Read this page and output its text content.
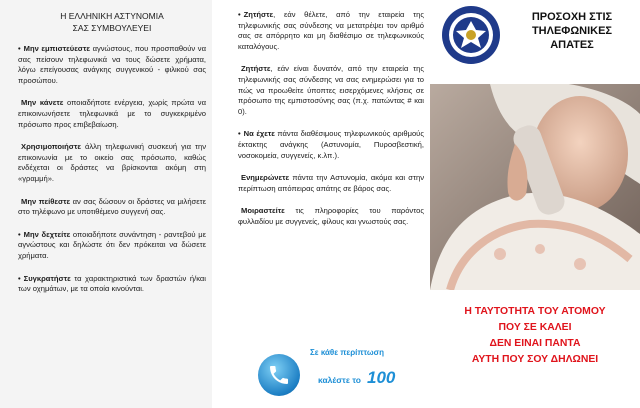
Η ΕΛΛΗΝΙΚΗ ΑΣΤΥΝΟΜΙΑ
ΣΑΣ ΣΥΜΒΟΥΛΕΥΕΙ

• Μην εμπιστεύεστε αγνώστους, που προσπαθούν να σας πείσουν τηλεφωνικά να τους δώσετε χρήματα, λόγω επείγουσας ανάγκης συγγενικού - φιλικού σας προσώπου.

Μην κάνετε οποιαδήποτε ενέργεια, χωρίς πρώτα να επικοινωνήσετε τηλεφωνικά με το συγκεκριμένο πρόσωπο προς επιβεβαίωση.

Χρησιμοποιήστε άλλη τηλεφωνική συσκευή για την επικοινωνία με το οικείο σας πρόσωπο, καθώς ενδέχεται οι δράστες να βρίσκονται ακόμη στη «γραμμή».

Μην πείθεστε αν σας δώσουν οι δράστες να μιλήσετε στο τηλέφωνο με υποτιθέμενο συγγενή σας.

• Μην δεχτείτε οποιαδήποτε συνάντηση - ραντεβού με αγνώστους και δηλώστε ότι δεν πρόκειται να δώσετε χρήματα.

• Συγκρατήστε τα χαρακτηριστικά των δραστών ή/και των οχημάτων, με τα οποία κινούνται.

• Ζητήστε, εάν θέλετε, από την εταιρεία της τηλεφωνικής σας σύνδεσης να μετατρέψει τον αριθμό σας σε απόρρητο και μη διαθέσιμο σε τηλεφωνικούς καταλόγους.

Ζητήστε, εάν είναι δυνατόν, από την εταιρεία της τηλεφωνικής σας σύνδεσης να σας ενημερώσει για το πώς να προωθείτε ύποπτες εισερχόμενες κλήσεις σε πρόσωπο της εμπιστοσύνης σας (π.χ. πατώντας # και 0).

• Να έχετε πάντα διαθέσιμους τηλεφωνικούς αριθμούς έκτακτης ανάγκης (Αστυνομία, Πυροσβεστική, νοσοκομεία, συγγενείς, κ.λπ.).

Ενημερώνετε πάντα την Αστυνομία, ακόμα και στην περίπτωση απόπειρας απάτης σε βάρος σας.

Μοιραστείτε τις πληροφορίες του παρόντος φυλλαδίου με συγγενείς, φίλους και γνωστούς σας.

Σε κάθε περίπτωση
καλέστε το 100
ΠΡΟΣΟΧΗ ΣΤΙΣ
ΤΗΛΕΦΩΝΙΚΕΣ
ΑΠΑΤΕΣ
Η ΤΑΥΤΟΤΗΤΑ ΤΟΥ ΑΤΟΜΟΥ
ΠΟΥ ΣΕ ΚΑΛΕΙ
ΔΕΝ ΕΙΝΑΙ ΠΑΝΤΑ
ΑΥΤΗ ΠΟΥ ΣΟΥ ΔΗΛΩΝΕΙ
